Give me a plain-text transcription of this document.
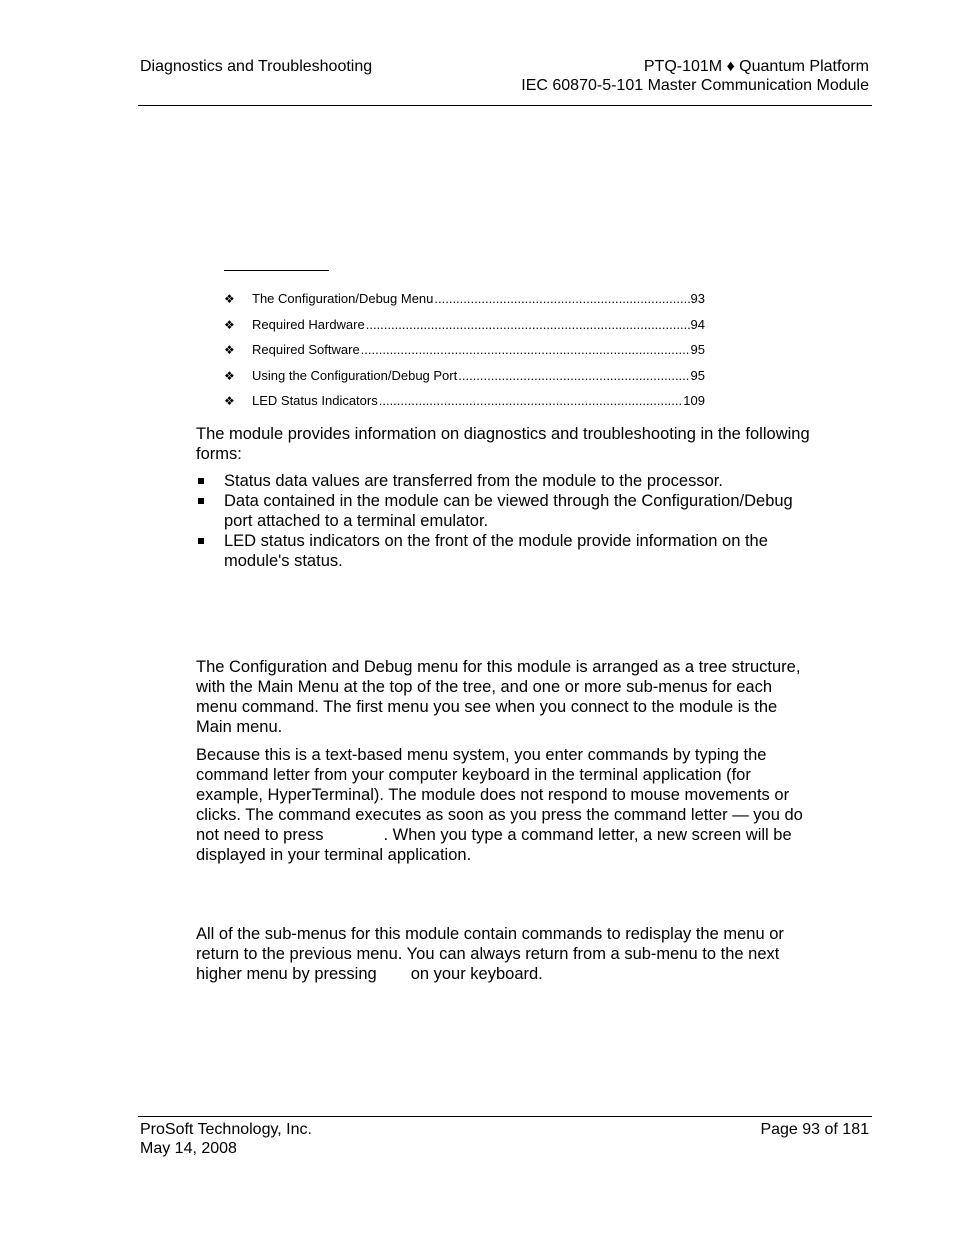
Diagnostics and Troubleshooting	PTQ-101M ♦ Quantum Platform
IEC 60870-5-101 Master Communication Module
❖	The Configuration/Debug Menu .....	93
❖	Required Hardware .....	94
❖	Required Software .....	95
❖	Using the Configuration/Debug Port .....	95
❖	LED Status Indicators .....	109

The module provides information on diagnostics and troubleshooting in the following forms:

Status data values are transferred from the module to the processor.
Data contained in the module can be viewed through the Configuration/Debug port attached to a terminal emulator.
LED status indicators on the front of the module provide information on the module's status.

The Configuration and Debug menu for this module is arranged as a tree structure, with the Main Menu at the top of the tree, and one or more sub-menus for each menu command. The first menu you see when you connect to the module is the Main menu.

Because this is a text-based menu system, you enter commands by typing the command letter from your computer keyboard in the terminal application (for example, HyperTerminal). The module does not respond to mouse movements or clicks. The command executes as soon as you press the command letter — you do not need to press	. When you type a command letter, a new screen will be displayed in your terminal application.

All of the sub-menus for this module contain commands to redisplay the menu or return to the previous menu. You can always return from a sub-menu to the next higher menu by pressing on your keyboard.

ProSoft Technology, Inc.
May 14, 2008
Page 93 of 181
